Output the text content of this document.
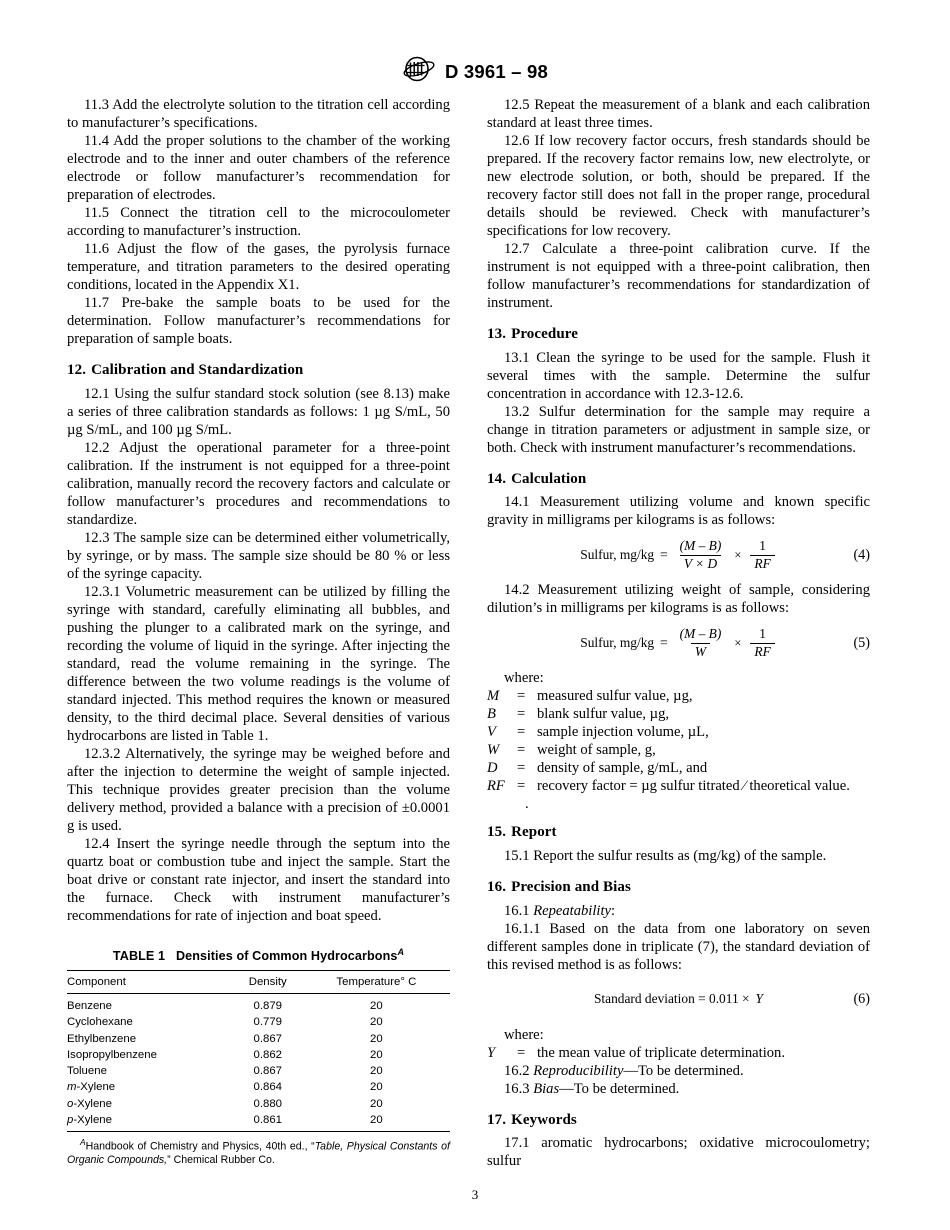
D 3961 – 98

11.3 Add the electrolyte solution to the titration cell according to manufacturer’s specifications.

11.4 Add the proper solutions to the chamber of the working electrode and to the inner and outer chambers of the reference electrode or follow manufacturer’s recommendation for preparation of electrodes.

11.5 Connect the titration cell to the microcoulometer according to manufacturer’s instruction.

11.6 Adjust the flow of the gases, the pyrolysis furnace temperature, and titration parameters to the desired operating conditions, located in the Appendix X1.

11.7 Pre-bake the sample boats to be used for the determination. Follow manufacturer’s recommendations for preparation of sample boats.

12. Calibration and Standardization

12.1 Using the sulfur standard stock solution (see 8.13) make a series of three calibration standards as follows: 1 µg S/mL, 50 µg S/mL, and 100 µg S/mL.

12.2 Adjust the operational parameter for a three-point calibration. If the instrument is not equipped for a three-point calibration, manually record the recovery factors and calculate or follow manufacturer’s procedures and recommendations to standardize.

12.3 The sample size can be determined either volumetrically, by syringe, or by mass. The sample size should be 80 % or less of the syringe capacity.

12.3.1 Volumetric measurement can be utilized by filling the syringe with standard, carefully eliminating all bubbles, and pushing the plunger to a calibrated mark on the syringe, and recording the volume of liquid in the syringe. After injecting the standard, read the volume remaining in the syringe. The difference between the two volume readings is the volume of standard injected. This method requires the known or measured density, to the third decimal place. Several densities of various hydrocarbons are listed in Table 1.

12.3.2 Alternatively, the syringe may be weighed before and after the injection to determine the weight of sample injected. This technique provides greater precision than the volume delivery method, provided a balance with a precision of ±0.0001 g is used.

12.4 Insert the syringe needle through the septum into the quartz boat or combustion tube and inject the sample. Start the boat drive or constant rate injector, and insert the standard into the furnace. Check with instrument manufacturer’s recommendations for rate of injection and boat speed.

TABLE 1 Densities of Common Hydrocarbons$^A$
Component	Density	Temperature° C
Benzene	0.879	20
Cyclohexane	0.779	20
Ethylbenzene	0.867	20
Isopropylbenzene	0.862	20
Toluene	0.867	20
m-Xylene	0.864	20
o-Xylene	0.880	20
p-Xylene	0.861	20
$^A$Handbook of Chemistry and Physics, 40th ed., “Table, Physical Constants of Organic Compounds,” Chemical Rubber Co.

12.5 Repeat the measurement of a blank and each calibration standard at least three times.

12.6 If low recovery factor occurs, fresh standards should be prepared. If the recovery factor remains low, new electrolyte, or new electrode solution, or both, should be prepared. If the recovery factor still does not fall in the proper range, procedural details should be reviewed. Check with manufacturer’s specifications for low recovery.

12.7 Calculate a three-point calibration curve. If the instrument is not equipped with a three-point calibration, then follow manufacturer’s recommendations for standardization of instrument.

13. Procedure

13.1 Clean the syringe to be used for the sample. Flush it several times with the sample. Determine the sulfur concentration in accordance with 12.3-12.6.

13.2 Sulfur determination for the sample may require a change in titration parameters or adjustment in sample size, or both. Check with instrument manufacturer’s recommendations.

14. Calculation

14.1 Measurement utilizing volume and known specific gravity in milligrams per kilograms is as follows:

Sulfur, $mg/kg = \frac{(M - B)}{V \times D} \times \frac{1}{RF}$	(4)

14.2 Measurement utilizing weight of sample, considering dilution’s in milligrams per kilograms is as follows:

Sulfur, $mg/kg = \frac{(M - B)}{W} \times \frac{1}{RF}$	(5)

where:

M	= measured sulfur value, µg,
B	= blank sulfur value, µg,
V	= sample injection volume, µL,
W	= weight of sample, g,
D	= density of sample, g/mL, and
RF = recovery factor = µg sulfur titrated ⁄ theoretical value.
.
15. Report

15.1 Report the sulfur results as (mg/kg) of the sample.

16. Precision and Bias

16.1 Repeatability:

16.1.1 Based on the data from one laboratory on seven different samples done in triplicate (7), the standard deviation of this revised method is as follows:

Standard deviation = 0.011 × Y	(6)

where:

Y	= the mean value of triplicate determination.

16.2 Reproducibility—To be determined.

16.3 Bias—To be determined.

17. Keywords

17.1 aromatic hydrocarbons; oxidative microcoulometry; sulfur

3
